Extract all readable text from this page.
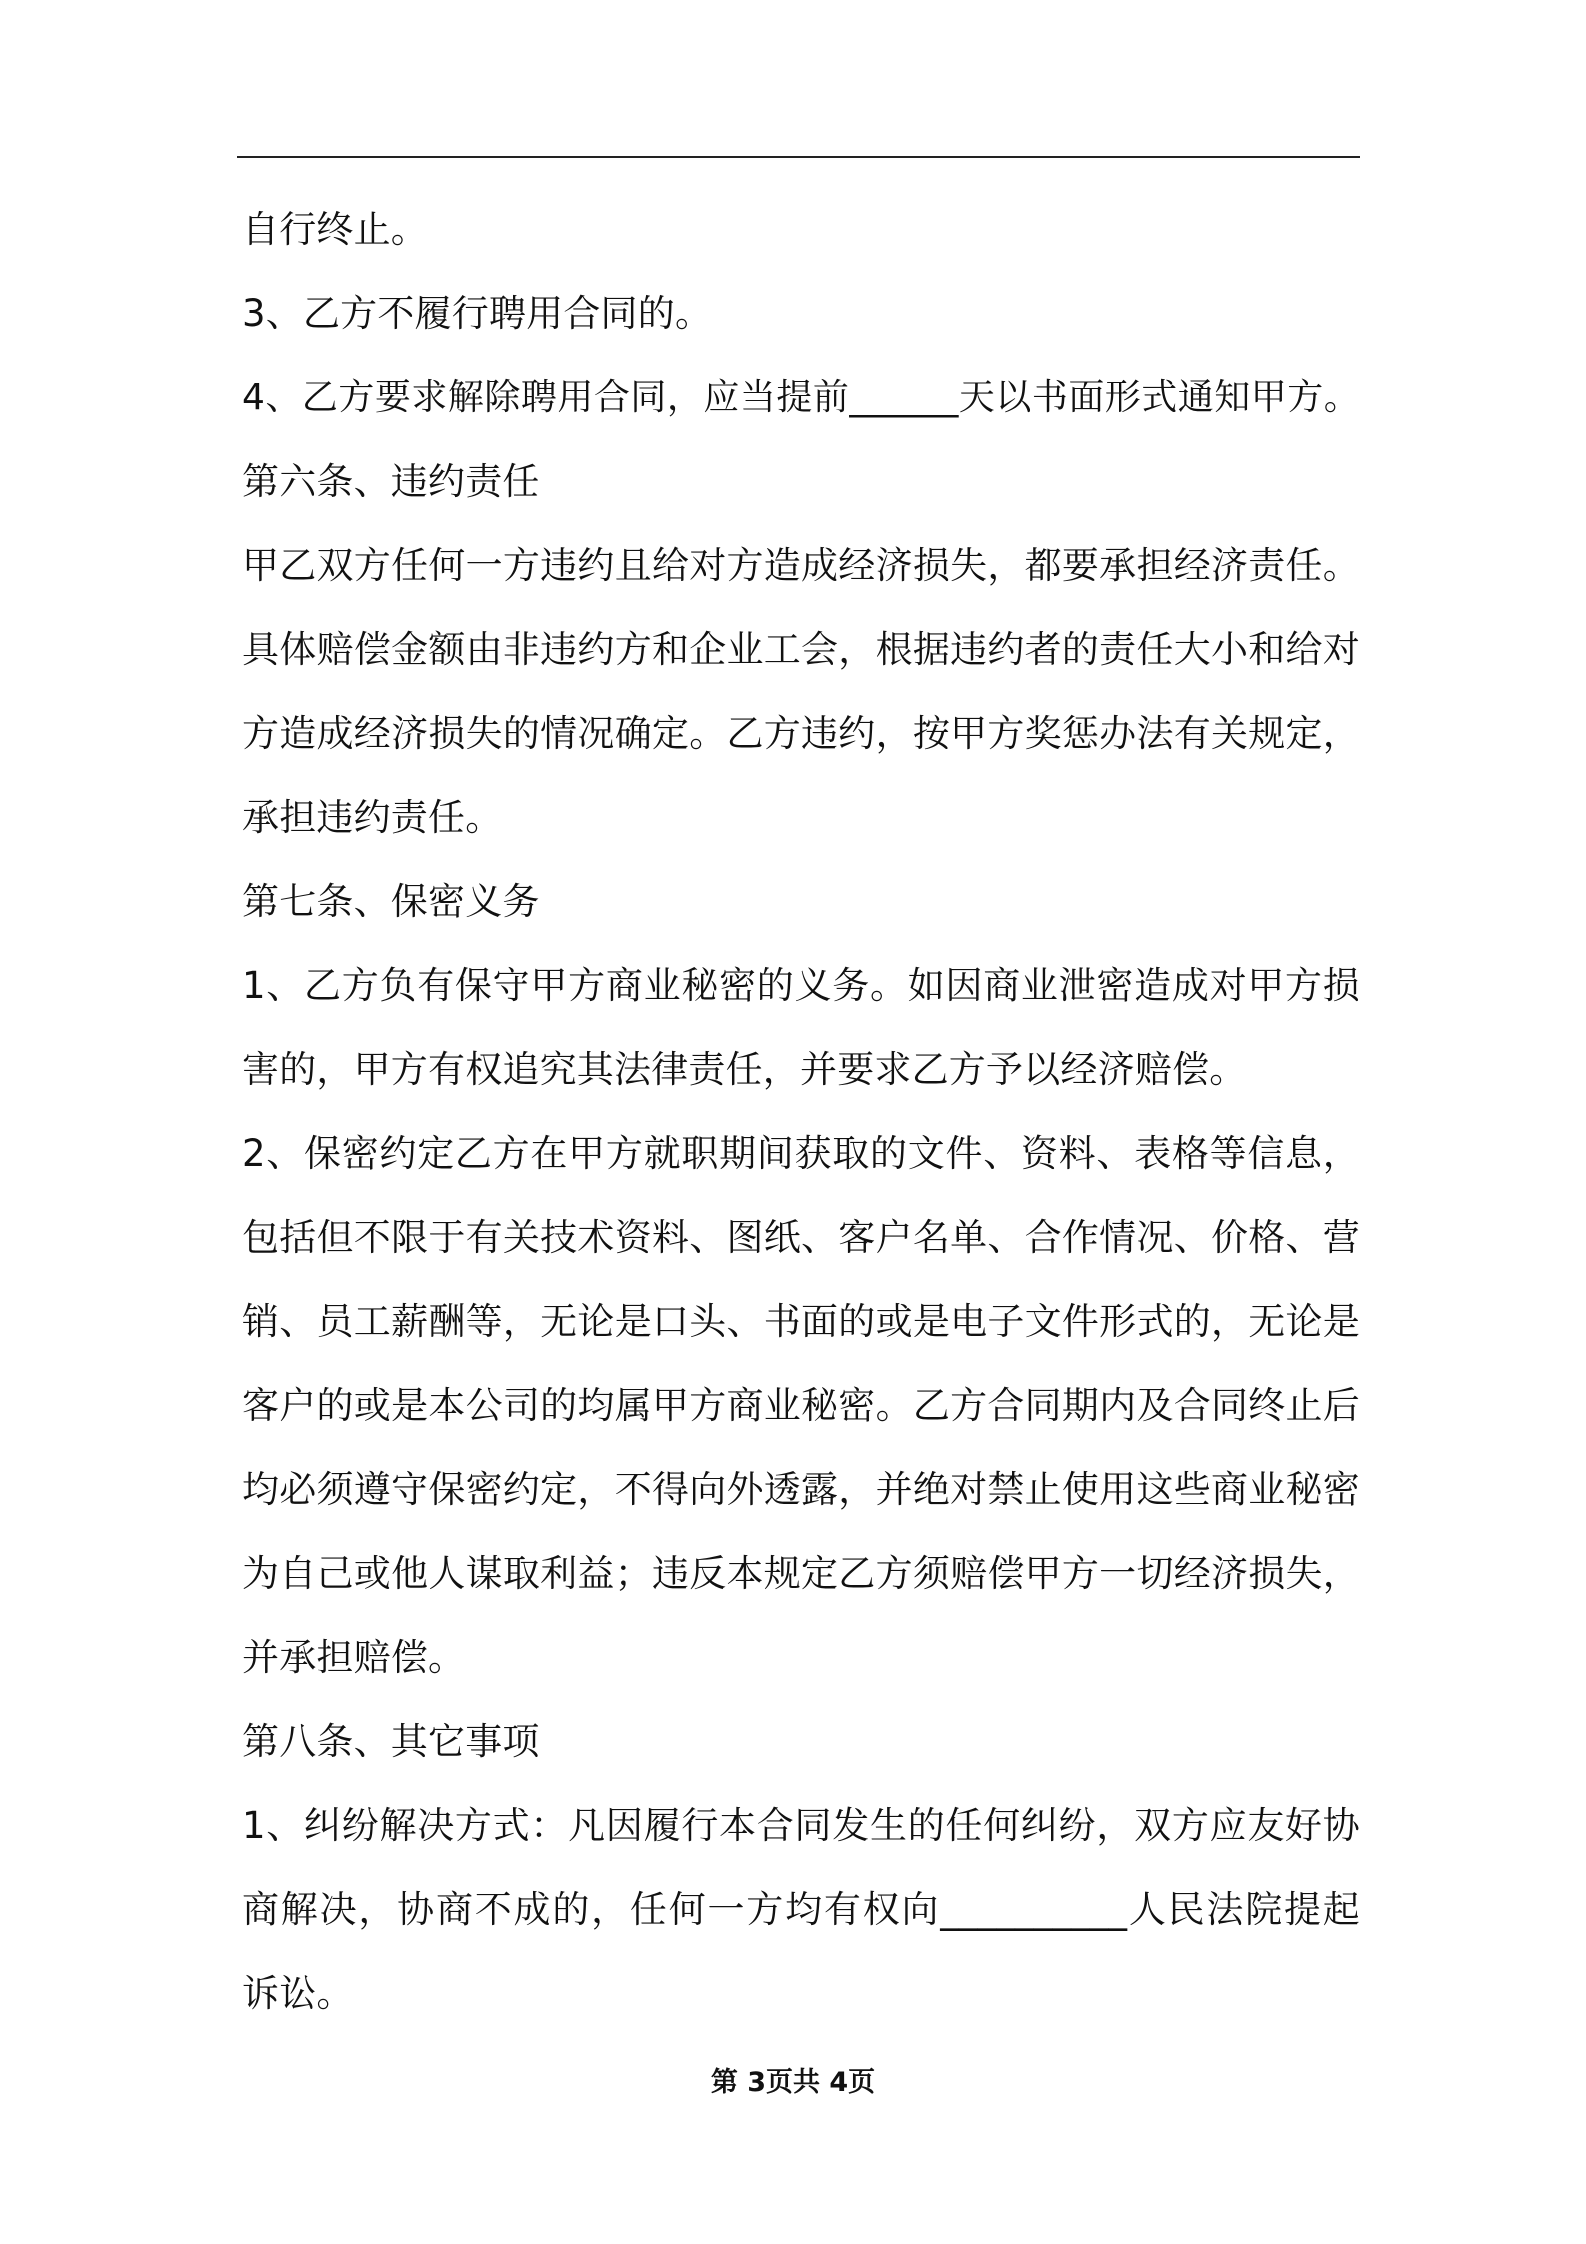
自行终止。
3、乙方不履行聘用合同的。
4、乙方要求解除聘用合同，应当提前______天以书面形式通知甲方。
第六条、违约责任
甲乙双方任何一方违约且给对方造成经济损失，都要承担经济责任。
具体赔偿金额由非违约方和企业工会，根据违约者的责任大小和给对
方造成经济损失的情况确定。乙方违约，按甲方奖惩办法有关规定，
承担违约责任。
第七条、保密义务
1、乙方负有保守甲方商业秘密的义务。如因商业泄密造成对甲方损
害的，甲方有权追究其法律责任，并要求乙方予以经济赔偿。
2、保密约定乙方在甲方就职期间获取的文件、资料、表格等信息，
包括但不限于有关技术资料、图纸、客户名单、合作情况、价格、营
销、员工薪酬等，无论是口头、书面的或是电子文件形式的，无论是
客户的或是本公司的均属甲方商业秘密。乙方合同期内及合同终止后
均必须遵守保密约定，不得向外透露，并绝对禁止使用这些商业秘密
为自己或他人谋取利益；违反本规定乙方须赔偿甲方一切经济损失，
并承担赔偿。
第八条、其它事项
1、纠纷解决方式：凡因履行本合同发生的任何纠纷，双方应友好协
商解决，协商不成的，任何一方均有权向__________人民法院提起
诉讼。
第 3页共 4页
